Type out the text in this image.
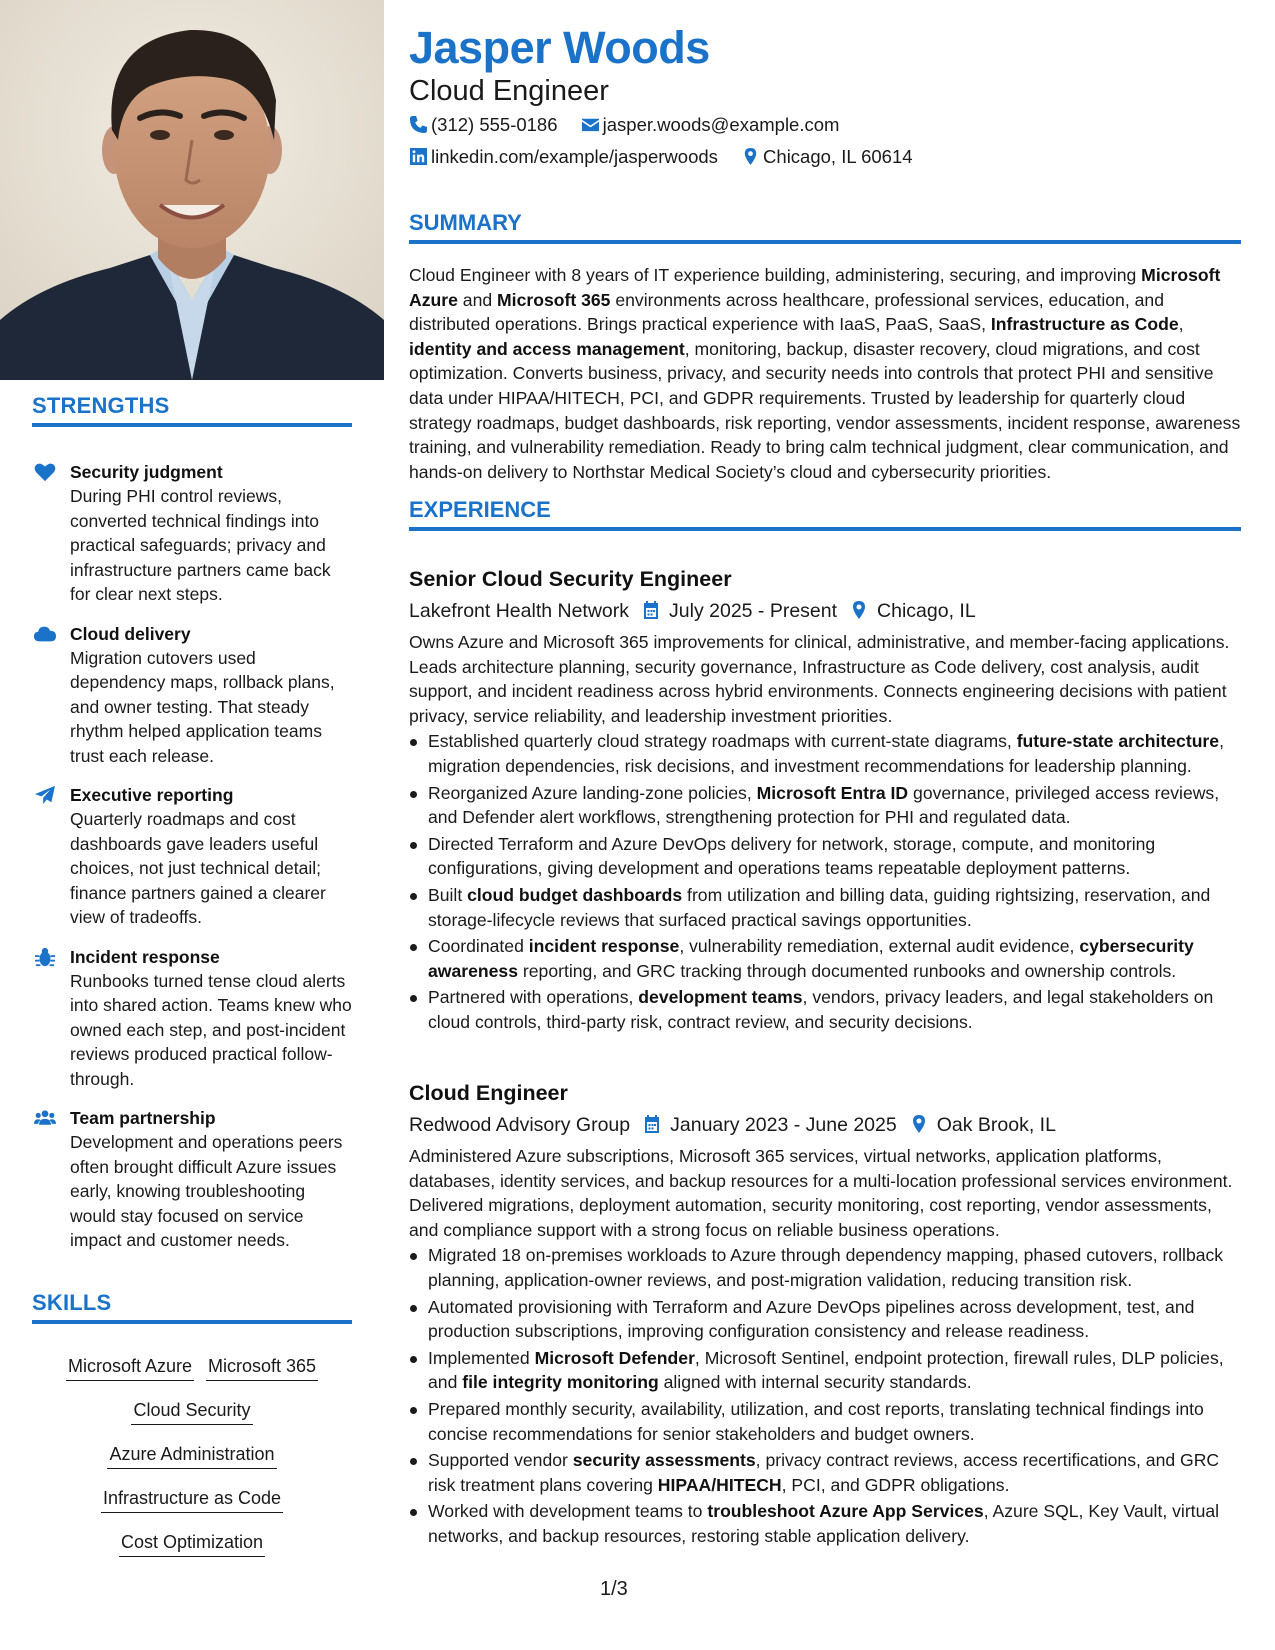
STRENGTHS
Security judgment
During PHI control reviews, converted technical findings into practical safeguards; privacy and infrastructure partners came back for clear next steps.
Cloud delivery
Migration cutovers used dependency maps, rollback plans, and owner testing. That steady rhythm helped application teams trust each release.
Executive reporting
Quarterly roadmaps and cost dashboards gave leaders useful choices, not just technical detail; finance partners gained a clearer view of tradeoffs.
Incident response
Runbooks turned tense cloud alerts into shared action. Teams knew who owned each step, and post-incident reviews produced practical follow-through.
Team partnership
Development and operations peers often brought difficult Azure issues early, knowing troubleshooting would stay focused on service impact and customer needs.
SKILLS
Microsoft Azure Microsoft 365
Cloud Security
Azure Administration
Infrastructure as Code
Cost Optimization
Jasper Woods
Cloud Engineer
(312) 555-0186 jasper.woods@example.com
linkedin.com/example/jasperwoods Chicago, IL 60614
SUMMARY
Cloud Engineer with 8 years of IT experience building, administering, securing, and improving Microsoft Azure and Microsoft 365 environments across healthcare, professional services, education, and distributed operations. Brings practical experience with IaaS, PaaS, SaaS, Infrastructure as Code, identity and access management, monitoring, backup, disaster recovery, cloud migrations, and cost optimization. Converts business, privacy, and security needs into controls that protect PHI and sensitive data under HIPAA/HITECH, PCI, and GDPR requirements. Trusted by leadership for quarterly cloud strategy roadmaps, budget dashboards, risk reporting, vendor assessments, incident response, awareness training, and vulnerability remediation. Ready to bring calm technical judgment, clear communication, and hands-on delivery to Northstar Medical Society’s cloud and cybersecurity priorities.
EXPERIENCE
Senior Cloud Security Engineer
Lakefront Health Network July 2025 - Present Chicago, IL
Owns Azure and Microsoft 365 improvements for clinical, administrative, and member-facing applications. Leads architecture planning, security governance, Infrastructure as Code delivery, cost analysis, audit support, and incident readiness across hybrid environments. Connects engineering decisions with patient privacy, service reliability, and leadership investment priorities.
Established quarterly cloud strategy roadmaps with current-state diagrams, future-state architecture, migration dependencies, risk decisions, and investment recommendations for leadership planning.
Reorganized Azure landing-zone policies, Microsoft Entra ID governance, privileged access reviews, and Defender alert workflows, strengthening protection for PHI and regulated data.
Directed Terraform and Azure DevOps delivery for network, storage, compute, and monitoring configurations, giving development and operations teams repeatable deployment patterns.
Built cloud budget dashboards from utilization and billing data, guiding rightsizing, reservation, and storage-lifecycle reviews that surfaced practical savings opportunities.
Coordinated incident response, vulnerability remediation, external audit evidence, cybersecurity awareness reporting, and GRC tracking through documented runbooks and ownership controls.
Partnered with operations, development teams, vendors, privacy leaders, and legal stakeholders on cloud controls, third-party risk, contract review, and security decisions.
Cloud Engineer
Redwood Advisory Group January 2023 - June 2025 Oak Brook, IL
Administered Azure subscriptions, Microsoft 365 services, virtual networks, application platforms, databases, identity services, and backup resources for a multi-location professional services environment. Delivered migrations, deployment automation, security monitoring, cost reporting, vendor assessments, and compliance support with a strong focus on reliable business operations.
Migrated 18 on-premises workloads to Azure through dependency mapping, phased cutovers, rollback planning, application-owner reviews, and post-migration validation, reducing transition risk.
Automated provisioning with Terraform and Azure DevOps pipelines across development, test, and production subscriptions, improving configuration consistency and release readiness.
Implemented Microsoft Defender, Microsoft Sentinel, endpoint protection, firewall rules, DLP policies, and file integrity monitoring aligned with internal security standards.
Prepared monthly security, availability, utilization, and cost reports, translating technical findings into concise recommendations for senior stakeholders and budget owners.
Supported vendor security assessments, privacy contract reviews, access recertifications, and GRC risk treatment plans covering HIPAA/HITECH, PCI, and GDPR obligations.
Worked with development teams to troubleshoot Azure App Services, Azure SQL, Key Vault, virtual networks, and backup resources, restoring stable application delivery.
1/3
